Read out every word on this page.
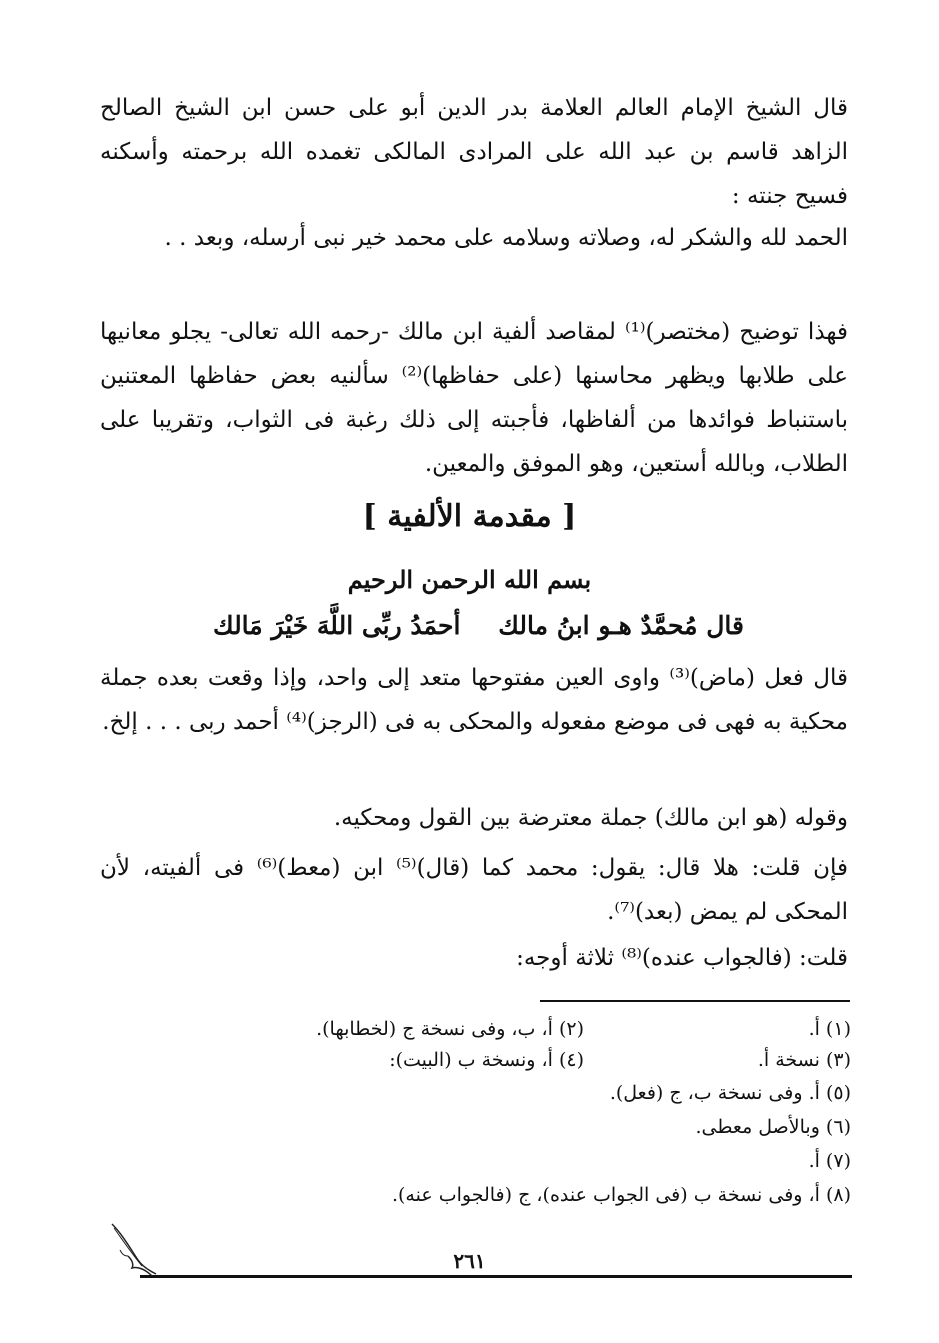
قال الشيخ الإمام العالم العلامة بدر الدين أبو على حسن ابن الشيخ الصالح الزاهد قاسم بن عبد الله على المرادى المالكى تغمده الله برحمته وأسكنه فسيح جنته :

الحمد لله والشكر له، وصلاته وسلامه على محمد خير نبى أرسله، وبعد . .

فهذا توضيح (مختصر)⁽¹⁾ لمقاصد ألفية ابن مالك -رحمه الله تعالى- يجلو معانيها على طلابها ويظهر محاسنها (على حفاظها)⁽²⁾ سألنيه بعض حفاظها المعتنين باستنباط فوائدها من ألفاظها، فأجبته إلى ذلك رغبة فى الثواب، وتقريبا على الطلاب، وبالله أستعين، وهو الموفق والمعين.

[ مقدمة الألفية ]
بسم الله الرحمن الرحيم
قال مُحمَّدٌ هـو ابنُ مالك
أحمَدُ ربِّى اللَّهَ خَيْرَ مَالك

قال فعل (ماض)⁽³⁾ واوى العين مفتوحها متعد إلى واحد، وإذا وقعت بعده جملة محكية به فهى فى موضع مفعوله والمحكى به فى (الرجز)⁽⁴⁾ أحمد ربى . . . إلخ.

وقوله (هو ابن مالك) جملة معترضة بين القول ومحكيه.

فإن قلت: هلا قال: يقول: محمد كما (قال)⁽⁵⁾ ابن (معط)⁽⁶⁾ فى ألفيته، لأن المحكى لم يمض (بعد)⁽⁷⁾.

قلت: (فالجواب عنده)⁽⁸⁾ ثلاثة أوجه:

(١) أ.
(٢) أ، ب، وفى نسخة ج (لخطابها).
(٣) نسخة أ.
(٤) أ، ونسخة ب (البيت):
(٥) أ. وفى نسخة ب، ج (فعل).
(٦) وبالأصل معطى.
(٧) أ.
(٨) أ، وفى نسخة ب (فى الجواب عنده)، ج (فالجواب عنه).
٢٦١
